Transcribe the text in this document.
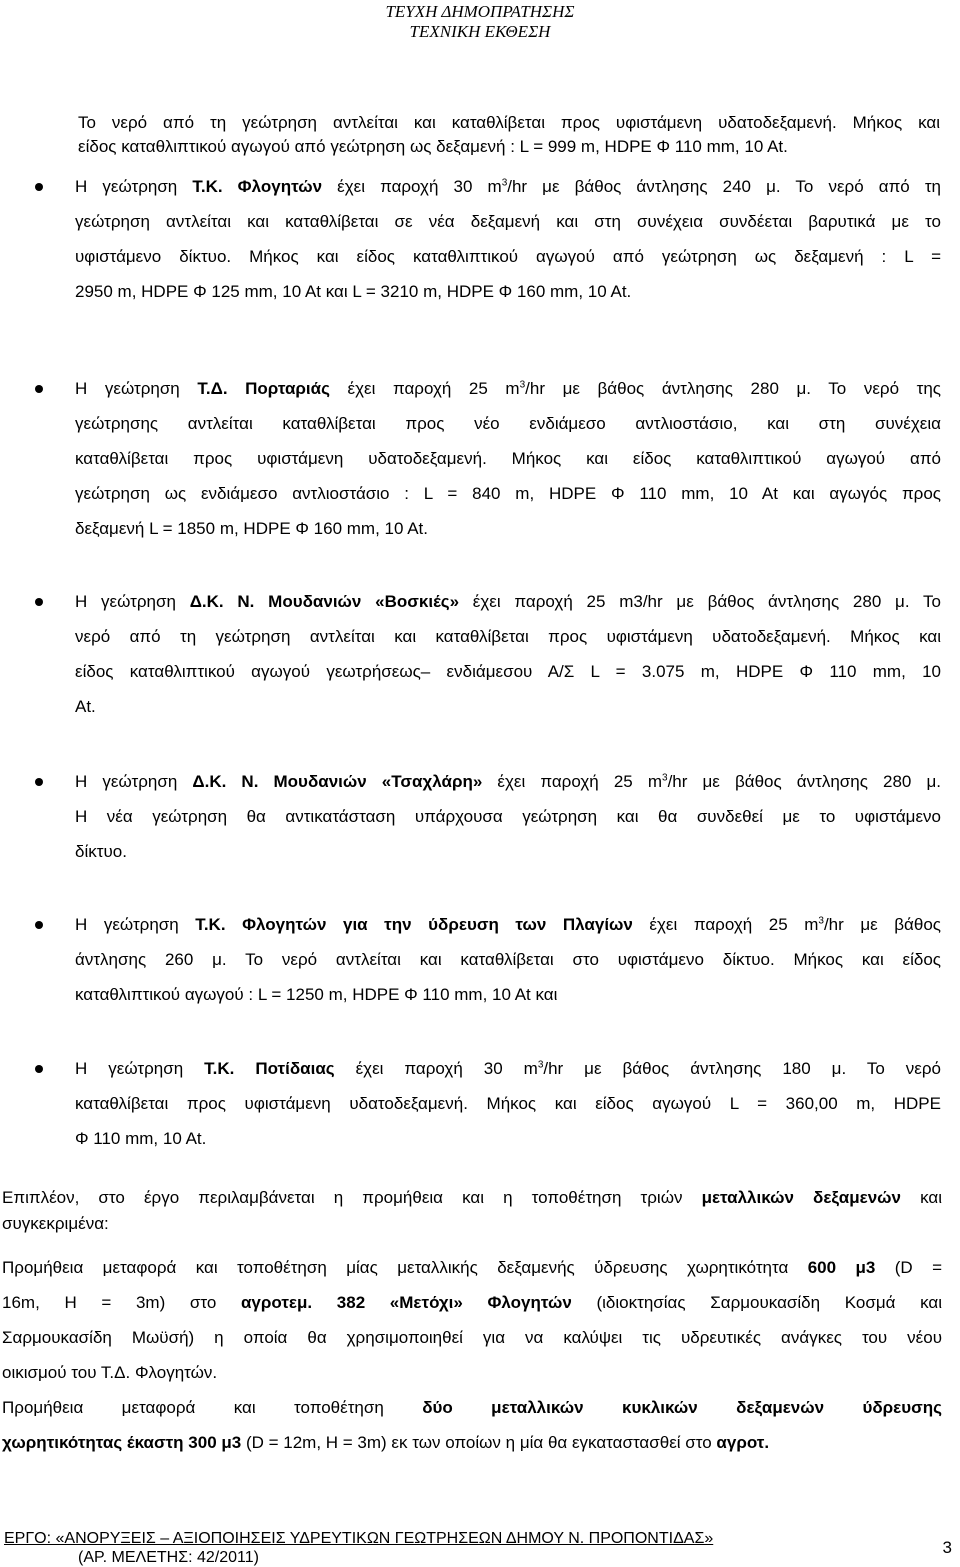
ΤΕΥΧΗ ΔΗΜΟΠΡΑΤΗΣΗΣ
ΤΕΧΝΙΚΗ ΕΚΘΕΣΗ
Το νερό από τη γεώτρηση αντλείται και καταθλίβεται προς υφιστάμενη υδατοδεξαμενή. Μήκος και
είδος καταθλιπτικού αγωγού από γεώτρηση ως δεξαμενή : L = 999 m, HDPE Φ 110 mm, 10 At.
Η γεώτρηση Τ.Κ. Φλογητών έχει παροχή 30 $m^3/hr$ με βάθος άντλησης 240 μ. Το νερό από τη
γεώτρηση αντλείται και καταθλίβεται σε νέα δεξαμενή και στη συνέχεια συνδέεται βαρυτικά με το
υφιστάμενο δίκτυο. Μήκος και είδος καταθλιπτικού αγωγού από γεώτρηση ως δεξαμενή : L =
2950 m, HDPE Φ 125 mm, 10 At και L = 3210 m, HDPE Φ 160 mm, 10 At.
Η γεώτρηση Τ.Δ. Πορταριάς έχει παροχή 25 $m^3/hr$ με βάθος άντλησης 280 μ. Το νερό της
γεώτρησης αντλείται καταθλίβεται προς νέο ενδιάμεσο αντλιοστάσιο, και στη συνέχεια
καταθλίβεται προς υφιστάμενη υδατοδεξαμενή. Μήκος και είδος καταθλιπτικού αγωγού από
γεώτρηση ως ενδιάμεσο αντλιοστάσιο : L = 840 m, HDPE Φ 110 mm, 10 At και αγωγός προς
δεξαμενή L = 1850 m, HDPE Φ 160 mm, 10 At.
Η γεώτρηση Δ.Κ. Ν. Μουδανιών «Βοσκιές» έχει παροχή 25 m3/hr με βάθος άντλησης 280 μ. Το
νερό από τη γεώτρηση αντλείται και καταθλίβεται προς υφιστάμενη υδατοδεξαμενή. Μήκος και
είδος καταθλιπτικού αγωγού γεωτρήσεως– ενδιάμεσου Α/Σ L = 3.075 m, HDPE Φ 110 mm, 10
At.
Η γεώτρηση Δ.Κ. Ν. Μουδανιών «Τσαχλάρη» έχει παροχή 25 $m^3/hr$ με βάθος άντλησης 280 μ.
Η νέα γεώτρηση θα αντικατάσταση υπάρχουσα γεώτρηση και θα συνδεθεί με το υφιστάμενο
δίκτυο.
Η γεώτρηση Τ.Κ. Φλογητών για την ύδρευση των Πλαγίων έχει παροχή 25 $m^3/hr$ με βάθος
άντλησης 260 μ. Το νερό αντλείται και καταθλίβεται στο υφιστάμενο δίκτυο. Μήκος και είδος
καταθλιπτικού αγωγού : L = 1250 m, HDPE Φ 110 mm, 10 At και
Η γεώτρηση Τ.Κ. Ποτίδαιας έχει παροχή 30 $m^3/hr$ με βάθος άντλησης 180 μ. Το νερό
καταθλίβεται προς υφιστάμενη υδατοδεξαμενή. Μήκος και είδος αγωγού L = 360,00 m, HDPE
Φ 110 mm, 10 At.
Επιπλέον, στο έργο περιλαμβάνεται η προμήθεια και η τοποθέτηση τριών μεταλλικών δεξαμενών και
συγκεκριμένα:
Προμήθεια μεταφορά και τοποθέτηση μίας μεταλλικής δεξαμενής ύδρευσης χωρητικότητα 600 μ3 (D =
16m, H = 3m) στο αγροτεμ. 382 «Μετόχι» Φλογητών (ιδιοκτησίας Σαρμουκασίδη Κοσμά και
Σαρμουκασίδη Μωϋσή) η οποία θα χρησιμοποιηθεί για να καλύψει τις υδρευτικές ανάγκες του νέου
οικισμού του Τ.Δ. Φλογητών.
Προμήθεια μεταφορά και τοποθέτηση δύο μεταλλικών κυκλικών δεξαμενών ύδρευσης
χωρητικότητας έκαστη 300 μ3 (D = 12m, H = 3m) εκ των οποίων η μία θα εγκαταστασθεί στο αγροτ.
ΕΡΓΟ: «ΑΝΟΡΥΞΕΙΣ – ΑΞΙΟΠΟΙΗΣΕΙΣ ΥΔΡΕΥΤΙΚΩΝ ΓΕΩΤΡΗΣΕΩΝ ΔΗΜΟΥ Ν. ΠΡΟΠΟΝΤΙΔΑΣ»
(ΑΡ. ΜΕΛΕΤΗΣ: 42/2011)
3
